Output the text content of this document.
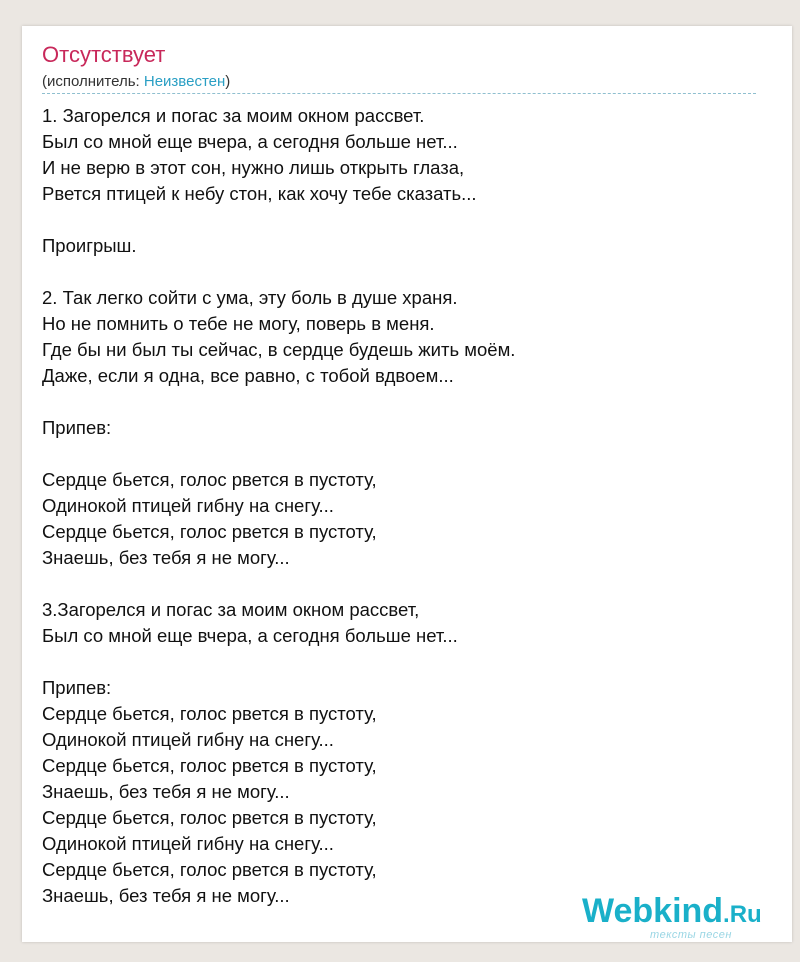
Отсутствует
(исполнитель: Неизвестен)
1. Загорелся и погас за моим окном рассвет.
Был со мной еще вчера, а сегодня больше нет...
И не верю в этот сон, нужно лишь открыть глаза,
Рвется птицей к небу стон, как хочу тебе сказать...

Проигрыш.

2. Так легко сойти с ума, эту боль в душе храня.
Но не помнить о тебе не могу, поверь в меня.
Где бы ни был ты сейчас, в сердце будешь жить моём.
Даже, если я одна, все равно, с тобой вдвоем...

Припев:

Сердце бьется, голос рвется в пустоту,
Одинокой птицей гибну на снегу...
Сердце бьется, голос рвется в пустоту,
Знаешь, без тебя я не могу...

3.Загорелся и погас за моим окном рассвет,
Был со мной еще вчера, а сегодня больше нет...

Припев:
Сердце бьется, голос рвется в пустоту,
Одинокой птицей гибну на снегу...
Сердце бьется, голос рвется в пустоту,
Знаешь, без тебя я не могу...
Сердце бьется, голос рвется в пустоту,
Одинокой птицей гибну на снегу...
Сердце бьется, голос рвется в пустоту,
Знаешь, без тебя я не могу...	Webkind.Ru
тексты песен
